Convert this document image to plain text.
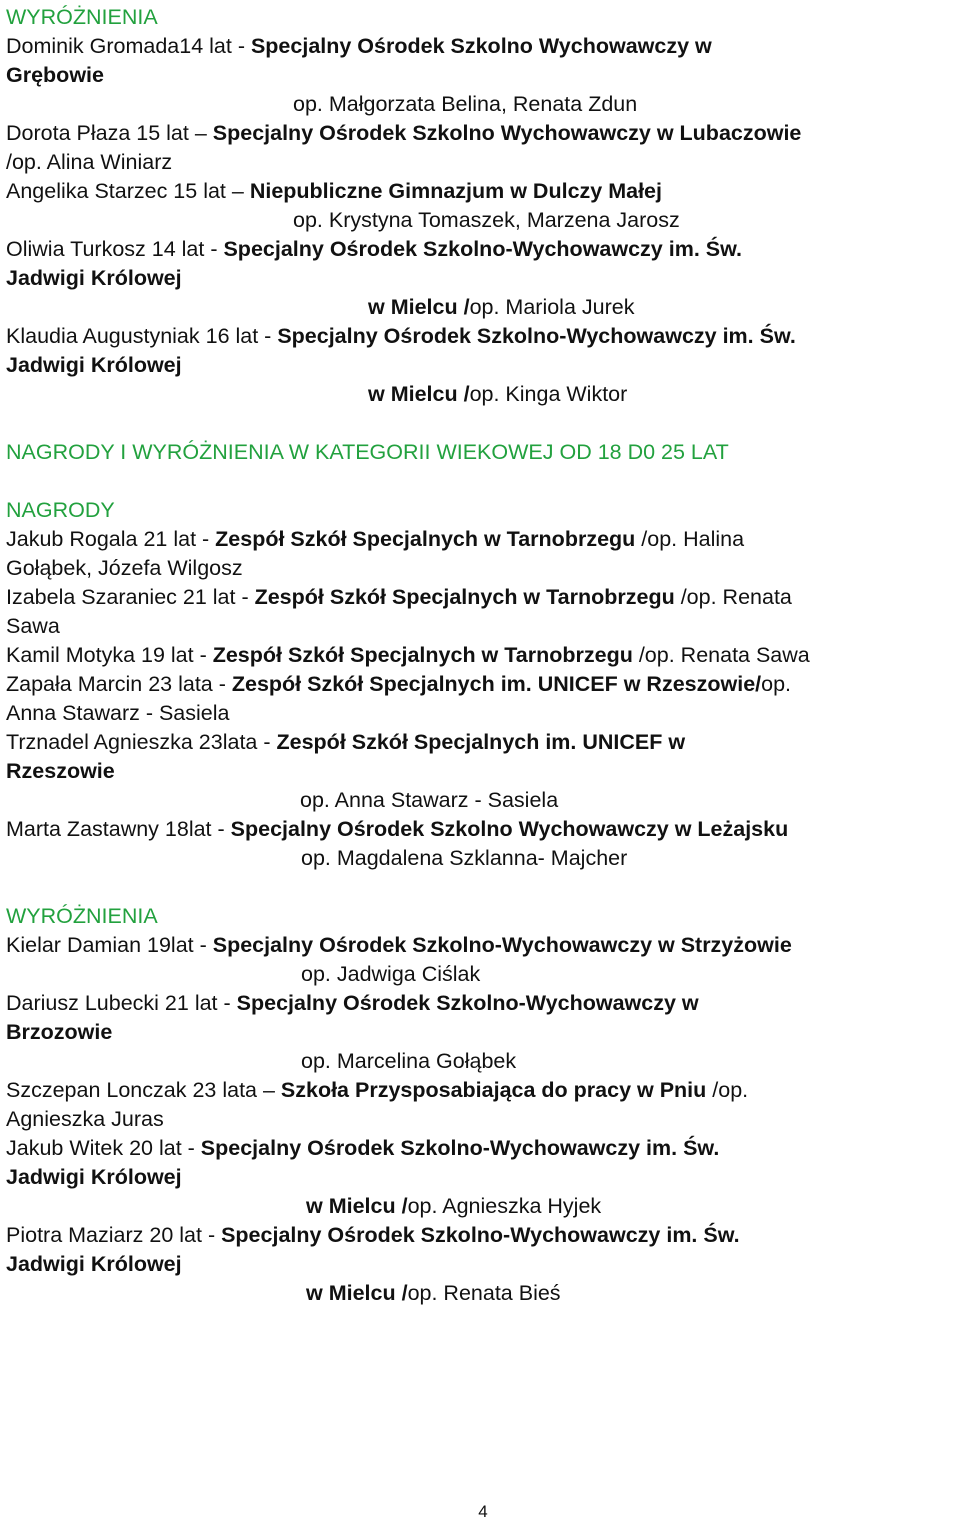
WYRÓŻNIENIA
Dominik Gromada14 lat - Specjalny Ośrodek Szkolno Wychowawczy w
Grębowie
op. Małgorzata Belina, Renata Zdun
Dorota Płaza 15 lat – Specjalny Ośrodek Szkolno Wychowawczy w Lubaczowie
/op. Alina Winiarz
Angelika Starzec 15 lat – Niepubliczne Gimnazjum w Dulczy Małej
op. Krystyna Tomaszek, Marzena Jarosz
Oliwia Turkosz 14 lat - Specjalny Ośrodek Szkolno-Wychowawczy im. Św.
Jadwigi Królowej
w Mielcu /op. Mariola Jurek
Klaudia Augustyniak 16 lat - Specjalny Ośrodek Szkolno-Wychowawczy im. Św.
Jadwigi Królowej
w Mielcu /op. Kinga Wiktor
NAGRODY I WYRÓŻNIENIA W KATEGORII WIEKOWEJ OD 18 D0 25 LAT
NAGRODY
Jakub Rogala 21 lat - Zespół Szkół Specjalnych w Tarnobrzegu /op. Halina
Gołąbek, Józefa Wilgosz
Izabela Szaraniec 21 lat - Zespół Szkół Specjalnych w Tarnobrzegu /op. Renata
Sawa
Kamil Motyka 19 lat - Zespół Szkół Specjalnych w Tarnobrzegu /op. Renata Sawa
Zapała Marcin 23 lata - Zespół Szkół Specjalnych im. UNICEF w Rzeszowie/op.
Anna Stawarz - Sasiela
Trznadel Agnieszka 23lata - Zespół Szkół Specjalnych im. UNICEF w
Rzeszowie
op. Anna Stawarz - Sasiela
Marta Zastawny 18lat - Specjalny Ośrodek Szkolno Wychowawczy w Leżajsku
op. Magdalena Szklanna- Majcher
WYRÓŻNIENIA
Kielar Damian 19lat - Specjalny Ośrodek Szkolno-Wychowawczy w Strzyżowie
op. Jadwiga Ciślak
Dariusz Lubecki 21 lat - Specjalny Ośrodek Szkolno-Wychowawczy w
Brzozowie
op. Marcelina Gołąbek
Szczepan Lonczak 23 lata – Szkoła Przysposabiająca do pracy w Pniu /op.
Agnieszka Juras
Jakub Witek 20 lat - Specjalny Ośrodek Szkolno-Wychowawczy im. Św.
Jadwigi Królowej
w Mielcu /op. Agnieszka Hyjek
Piotra Maziarz 20 lat - Specjalny Ośrodek Szkolno-Wychowawczy im. Św.
Jadwigi Królowej
w Mielcu /op. Renata Bieś
4
